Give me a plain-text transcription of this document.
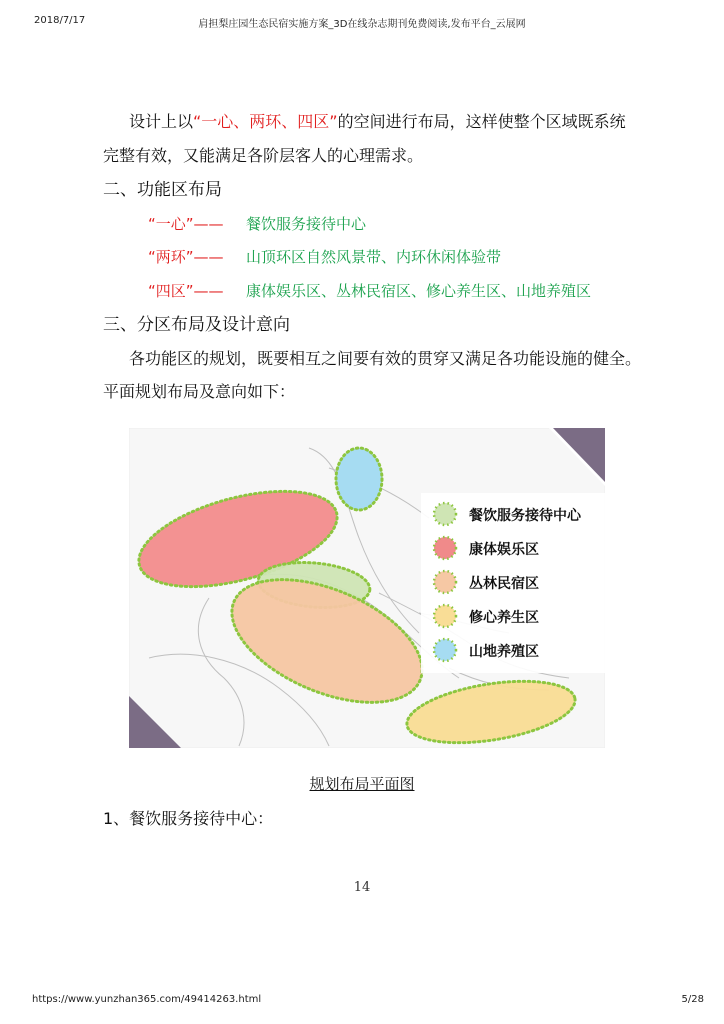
2018/7/17	肩担梨庄园生态民宿实施方案_3D在线杂志期刊免费阅读,发布平台_云展网
设计上以“一心、两环、四区”的空间进行布局，这样使整个区域既系统
完整有效，又能满足各阶层客人的心理需求。
二、功能区布局
“一心”—— 餐饮服务接待中心
“两环”—— 山顶环区自然风景带、内环休闲体验带
“四区”—— 康体娱乐区、丛林民宿区、修心养生区、山地养殖区
三、分区布局及设计意向
各功能区的规划，既要相互之间要有效的贯穿又满足各功能设施的健全。
平面规划布局及意向如下：
餐饮服务接待中心
康体娱乐区
丛林民宿区
修心养生区
山地养殖区
规划布局平面图
1、餐饮服务接待中心：
14
https://www.yunzhan365.com/49414263.html	5/28
